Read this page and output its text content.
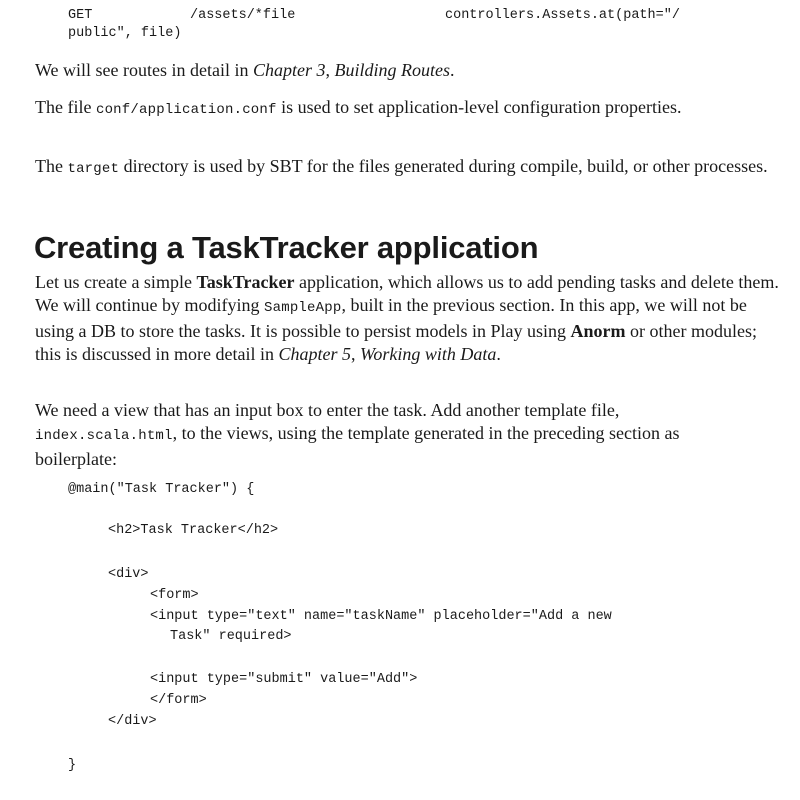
GET	/assets/*file	controllers.Assets.at(path="/
public", file)

We will see routes in detail in Chapter 3, Building Routes.

The file conf/application.conf is used to set application-level configuration properties.

The target directory is used by SBT for the files generated during compile, build, or other processes.

Creating a TaskTracker application

Let us create a simple TaskTracker application, which allows us to add pending tasks and delete them. We will continue by modifying SampleApp, built in the previous section. In this app, we will not be using a DB to store the tasks. It is possible to persist models in Play using Anorm or other modules; this is discussed in more detail in Chapter 5, Working with Data.

We need a view that has an input box to enter the task. Add another template file, index.scala.html, to the views, using the template generated in the preceding section as boilerplate:

@main("Task Tracker") {
<h2>Task Tracker</h2>
<div>
<form>
<input type="text" name="taskName" placeholder="Add a new
Task" required>
<input type="submit" value="Add">
</form>
</div>
}
